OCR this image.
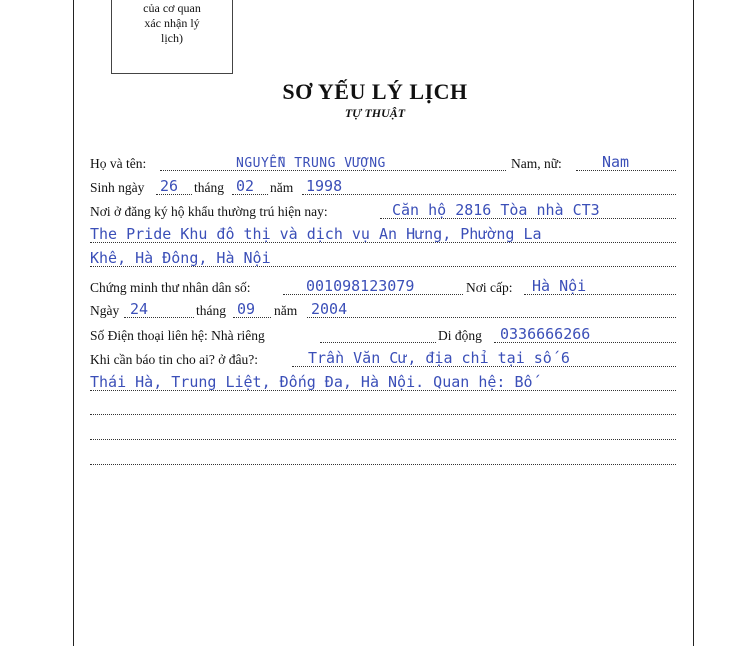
của cơ quan
xác nhận lý
lịch)
SƠ YẾU LÝ LỊCH
TỰ THUẬT
Họ và tên:	NGUYỄN TRUNG VƯỢNG	Nam, nữ:	Nam
Sinh ngày 26 tháng 02 năm 1998
Nơi ở đăng ký hộ khẩu thường trú hiện nay:	Căn hộ 2816 Tòa nhà CT3
The Pride Khu đô thị và dịch vụ An Hưng, Phường La
Khê, Hà Đông, Hà Nội
Chứng minh thư nhân dân số:	001098123079	Nơi cấp: Hà Nội
Ngày 24	tháng 09 năm 2004
Số Điện thoại liên hệ: Nhà riêng	Di động 0336666266
Khi cần báo tin cho ai? ở đâu?:	Trần Văn Cư, địa chỉ tại số 6
Thái Hà, Trung Liệt, Đống Đa, Hà Nội. Quan hệ: Bố
